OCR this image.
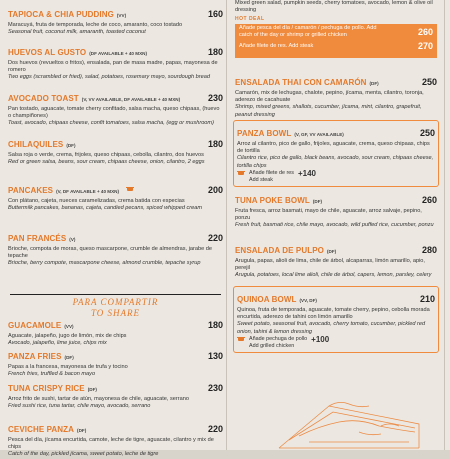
TAPIOCA & CHIA PUDDING (VV)	160
Maracuyá, fruta de temporada, leche de coco, amaranto, coco tostado
Seasonal fruit, coconut milk, amaranth, toasted coconut
HUEVOS AL GUSTO (DF AVAILABLE + 40 MXN)	180
Dos huevos (revueltos o fritos), ensalada, pan de masa madre, papas, mayonesa de romero
Two eggs (scrambled or fried), salad, potatoes, rosemary mayo, sourdough bread
AVOCADO TOAST (V, VV AVAILABLE, DF AVAILABLE + 40 MXN)	230
Pan tostado, aguacate, tomate cherry confitado, salsa macha, queso chipaas, (huevo o champiñones)
Toast, avocado, chipaas cheese, confit tomatoes, salsa macha, (egg or mushroom)
CHILAQUILES (DF)	180
Salsa roja o verde, crema, frijoles, queso chipaas, cebolla, cilantro, dos huevos
Red or green salsa, beans, sour cream, chipaas cheese, onion, cilantro, 2 eggs
PANCAKES (V, DF AVAILABLE + 40 MXN)	200
Con plátano, cajeta, nueces caramelizadas, crema batida con especias
Buttermilk pancakes, bananas, cajeta, candied pecans, spiced whipped cream
PAN FRANCÉS (V)	220
Brioche, compota de moras, queso mascarpone, crumble de almendras, jarabe de tepache
Brioche, berry compote, mascarpone cheese, almond crumble, tepache syrup
PARA COMPARTIR
TO SHARE
GUACAMOLE (VV)	180
Aguacate, jalapeño, jugo de limón, mix de chips
Avocado, jalapeño, lime juice, chips mix
PANZA FRIES (DF)	130
Papas a la francesa, mayonesa de trufa y tocino
French fries, truffled & bacon mayo
TUNA CRISPY RICE (DF)	230
Arroz frito de sushi, tartar de atún, mayonesa de chile, aguacate, serrano
Fried sushi rice, tuna tartar, chile mayo, avocado, serrano
CEVICHE PANZA (DF)	220
Pesca del día, jícama encurtida, camote, leche de tigre, aguacate, cilantro y mix de chips
Catch of the day, pickled jícama, sweet potato, leche de tigre
Mixed green salad, pumpkin seeds, cherry tomatoes, avocado, lemon & olive oil dressing
HOT DEAL
Añade pesca del día / camarón / pechuga de pollo. Add catch of the day or shrimp or grilled chicken	260
Añade filete de res. Add steak	270
ENSALADA THAI CON CAMARÓN (DF)	250
Camarón, mix de lechugas, chalote, pepino, jícama, menta, cilantro, toronja, aderezo de cacahuate
Shrimp, mixed greens, shallots, cucumber, jícama, mint, cilantro, grapefruit, peanut dressing
PANZA BOWL (V, GF, VV AVAILABLE)	250
Arroz al cilantro, pico de gallo, frijoles, aguacate, crema, queso chipaas, chips de tortilla
Cilantro rice, pico de gallo, black beans, avocado, sour cream, chipaas cheese, tortilla chips
Añade filete de res +140
Add steak
TUNA POKE BOWL (DF)	260
Fruta fresca, arroz basmati, mayo de chile, aguacate, arroz salvaje, pepino, ponzu
Fresh fruit, basmati rice, chile mayo, avocado, wild puffed rice, cucumber, ponzu
ENSALADA DE PULPO (DF)	280
Arugula, papas, alioli de lima, chile de árbol, alcaparras, limón amarillo, apio, perejil
Arugula, potatoes, local lime alioli, chile de árbol, capers, lemon, parsley, celery
QUINOA BOWL (VV, DF)	210
Quinoa, fruta de temporada, aguacate, tomate cherry, pepino, cebolla morada encurtida, aderezo de tahini con limón amarillo
Sweet potato, seasonal fruit, avocado, cherry tomato, cucumber, pickled red onion, tahini & lemon dressing
Añade pechuga de pollo +100
Add grilled chicken
